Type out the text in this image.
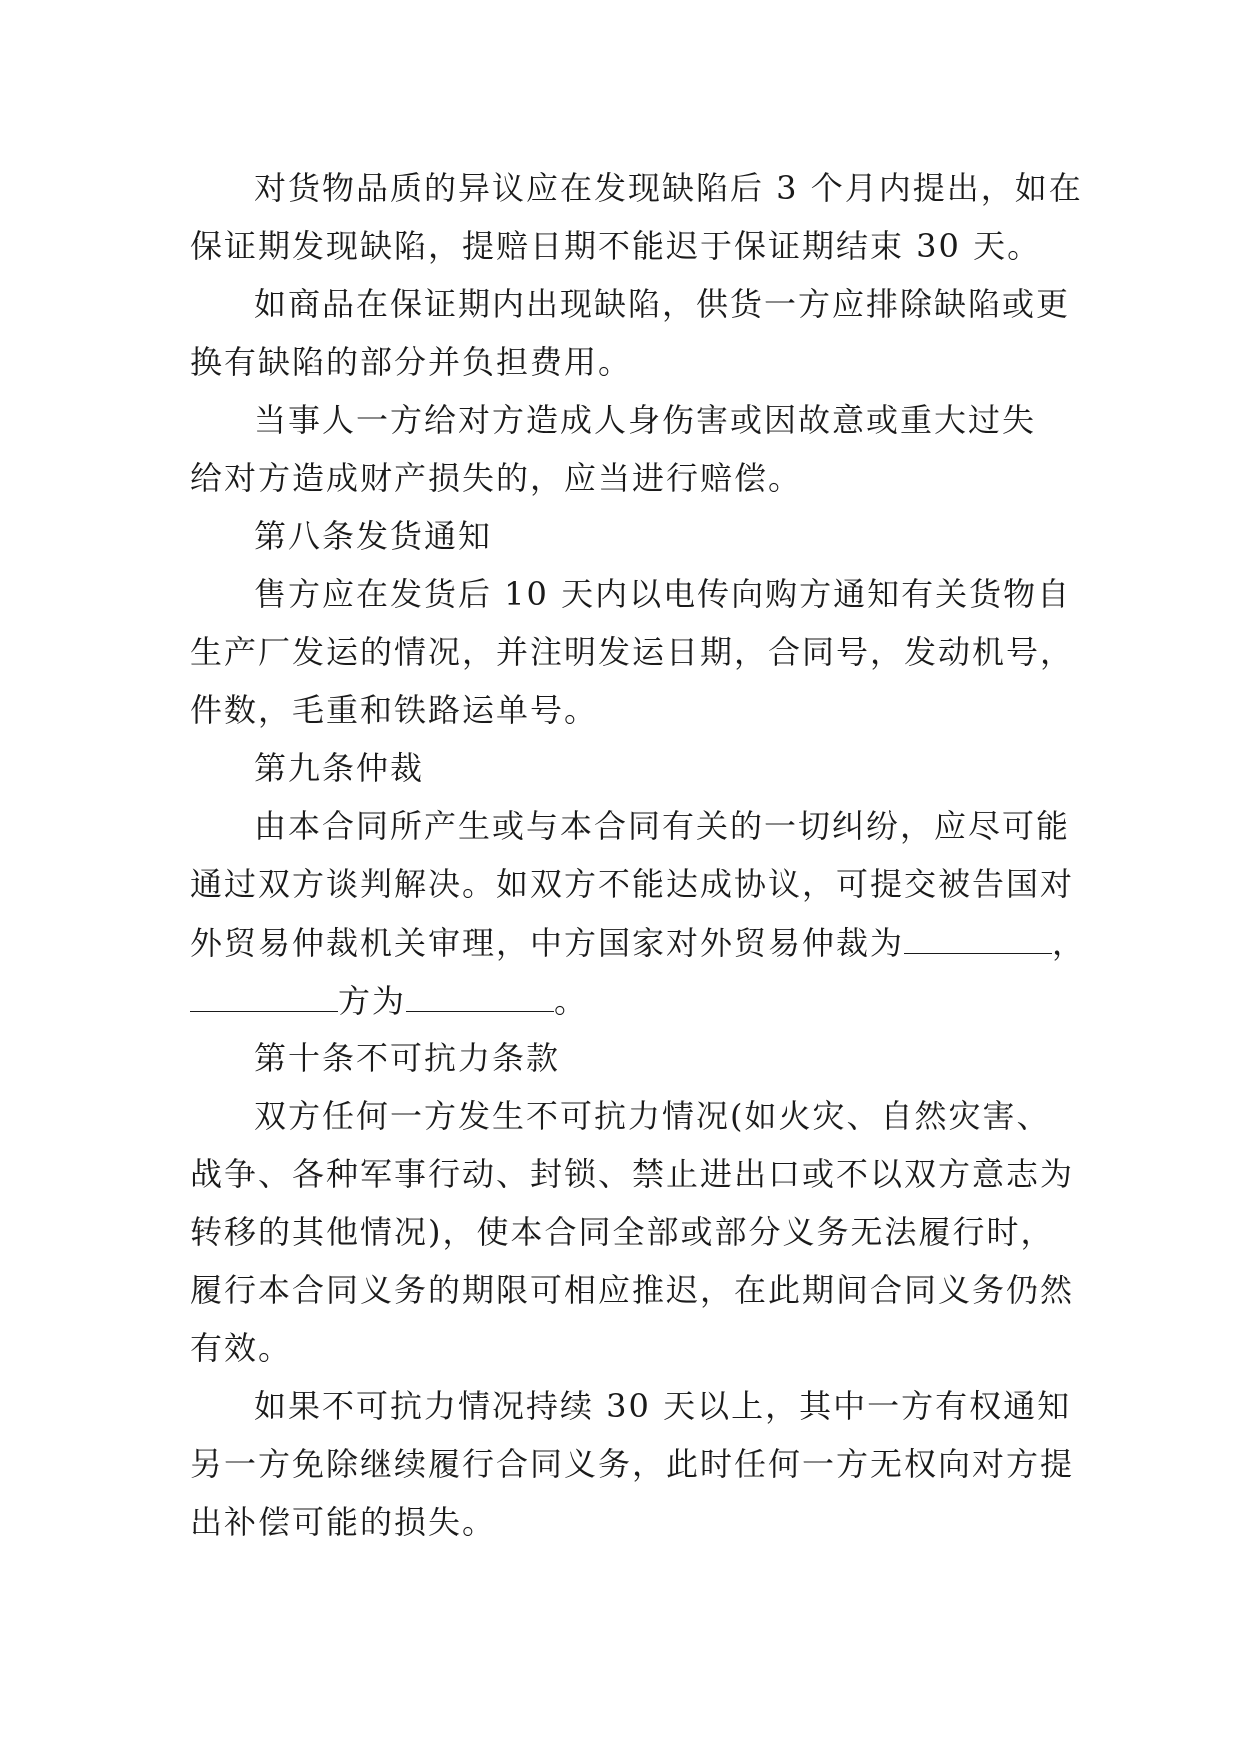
对货物品质的异议应在发现缺陷后 3 个月内提出，如在
保证期发现缺陷，提赔日期不能迟于保证期结束 30 天。
如商品在保证期内出现缺陷，供货一方应排除缺陷或更
换有缺陷的部分并负担费用。
当事人一方给对方造成人身伤害或因故意或重大过失
给对方造成财产损失的，应当进行赔偿。
第八条发货通知
售方应在发货后 10 天内以电传向购方通知有关货物自
生产厂发运的情况，并注明发运日期，合同号，发动机号，
件数，毛重和铁路运单号。
第九条仲裁
由本合同所产生或与本合同有关的一切纠纷，应尽可能
通过双方谈判解决。如双方不能达成协议，可提交被告国对
外贸易仲裁机关审理，中方国家对外贸易仲裁为	，
方为	。
第十条不可抗力条款
双方任何一方发生不可抗力情况(如火灾、自然灾害、
战争、各种军事行动、封锁、禁止进出口或不以双方意志为
转移的其他情况)，使本合同全部或部分义务无法履行时，
履行本合同义务的期限可相应推迟，在此期间合同义务仍然
有效。
如果不可抗力情况持续 30 天以上，其中一方有权通知
另一方免除继续履行合同义务，此时任何一方无权向对方提
出补偿可能的损失。
